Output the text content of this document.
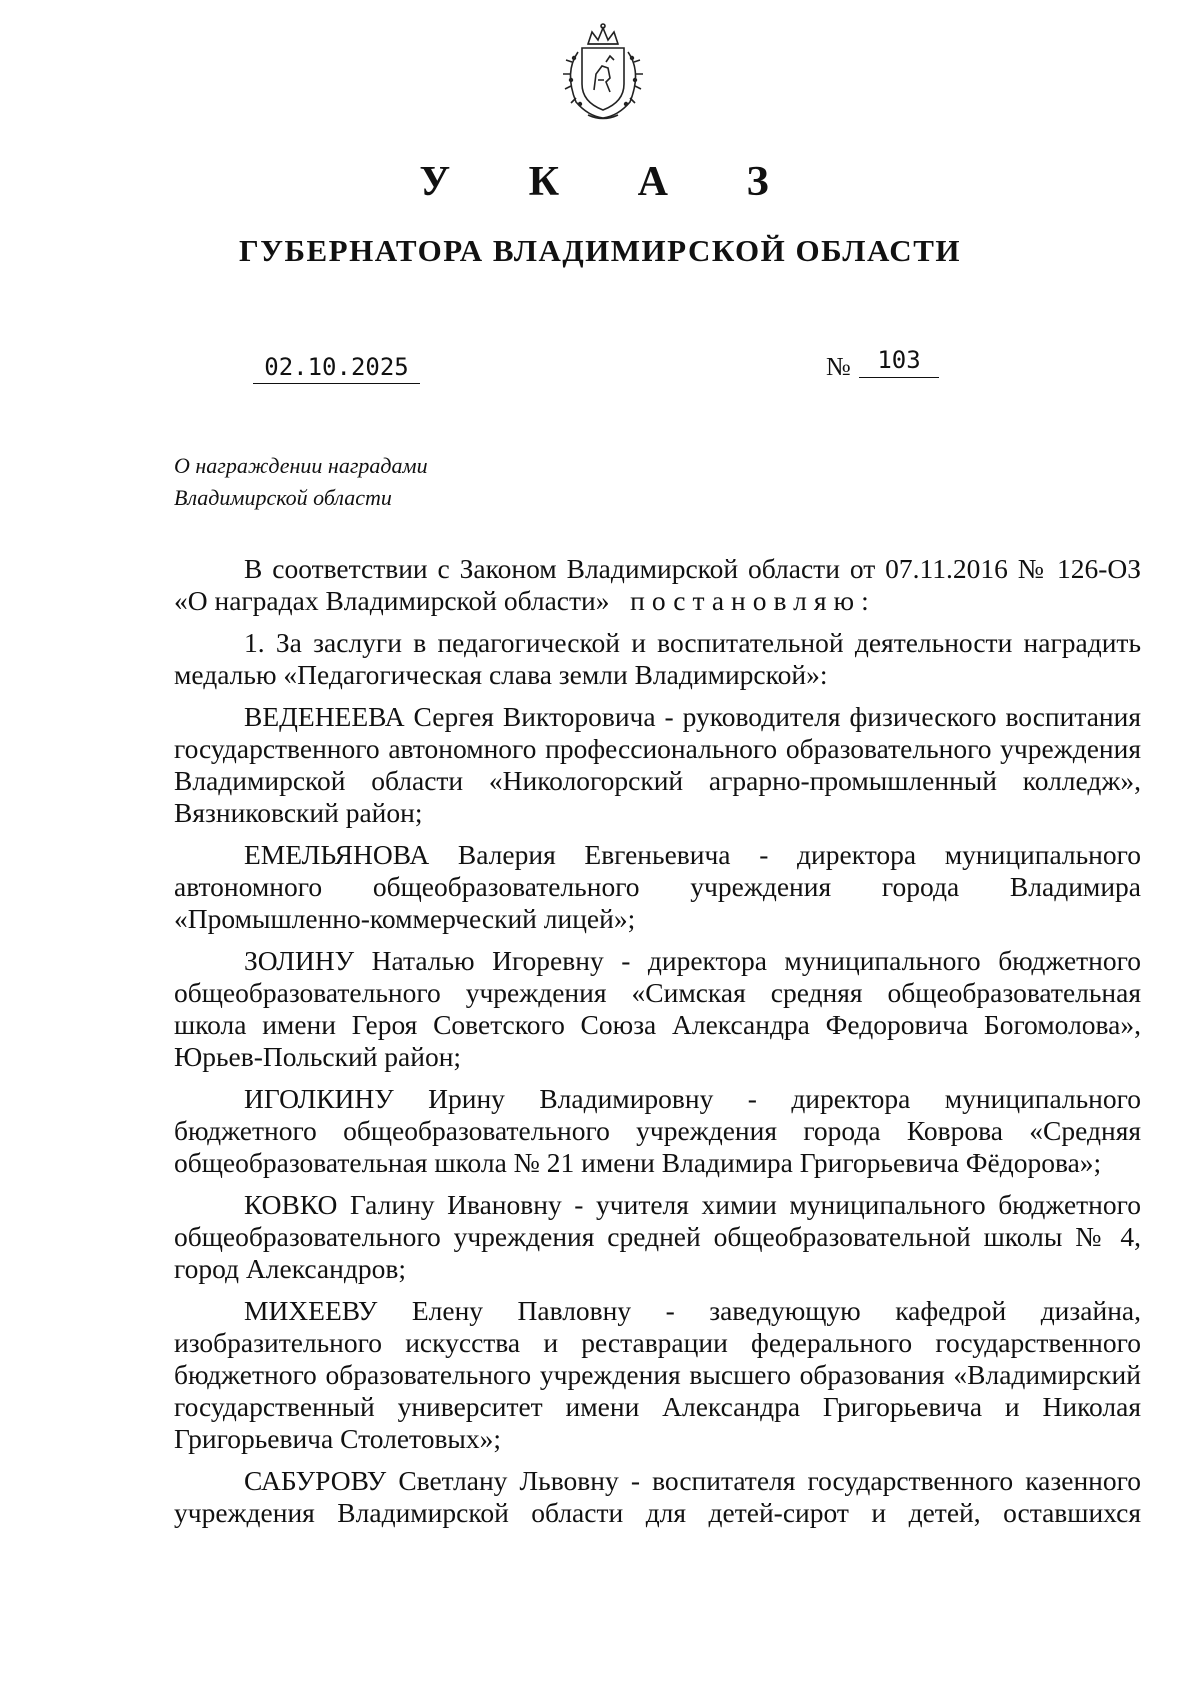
У К А З
ГУБЕРНАТОРА ВЛАДИМИРСКОЙ ОБЛАСТИ
02.10.2025	№	103
О награждении наградами
Владимирской области

В соответствии с Законом Владимирской области от 07.11.2016 № 126-ОЗ «О наградах Владимирской области» постановляю:

1. За заслуги в педагогической и воспитательной деятельности наградить медалью «Педагогическая слава земли Владимирской»:

ВЕДЕНЕЕВА Сергея Викторовича - руководителя физического воспитания государственного автономного профессионального образовательного учреждения Владимирской области «Никологорский аграрно-промышленный колледж», Вязниковский район;

ЕМЕЛЬЯНОВА Валерия Евгеньевича - директора муниципального автономного общеобразовательного учреждения города Владимира «Промышленно-коммерческий лицей»;

ЗОЛИНУ Наталью Игоревну - директора муниципального бюджетного общеобразовательного учреждения «Симская средняя общеобразовательная школа имени Героя Советского Союза Александра Федоровича Богомолова», Юрьев-Польский район;

ИГОЛКИНУ Ирину Владимировну - директора муниципального бюджетного общеобразовательного учреждения города Коврова «Средняя общеобразовательная школа № 21 имени Владимира Григорьевича Фёдорова»;

КОВКО Галину Ивановну - учителя химии муниципального бюджетного общеобразовательного учреждения средней общеобразовательной школы № 4, город Александров;

МИХЕЕВУ Елену Павловну - заведующую кафедрой дизайна, изобразительного искусства и реставрации федерального государственного бюджетного образовательного учреждения высшего образования «Владимирский государственный университет имени Александра Григорьевича и Николая Григорьевича Столетовых»;

САБУРОВУ Светлану Львовну - воспитателя государственного казенного учреждения Владимирской области для детей-сирот и детей, оставшихся
